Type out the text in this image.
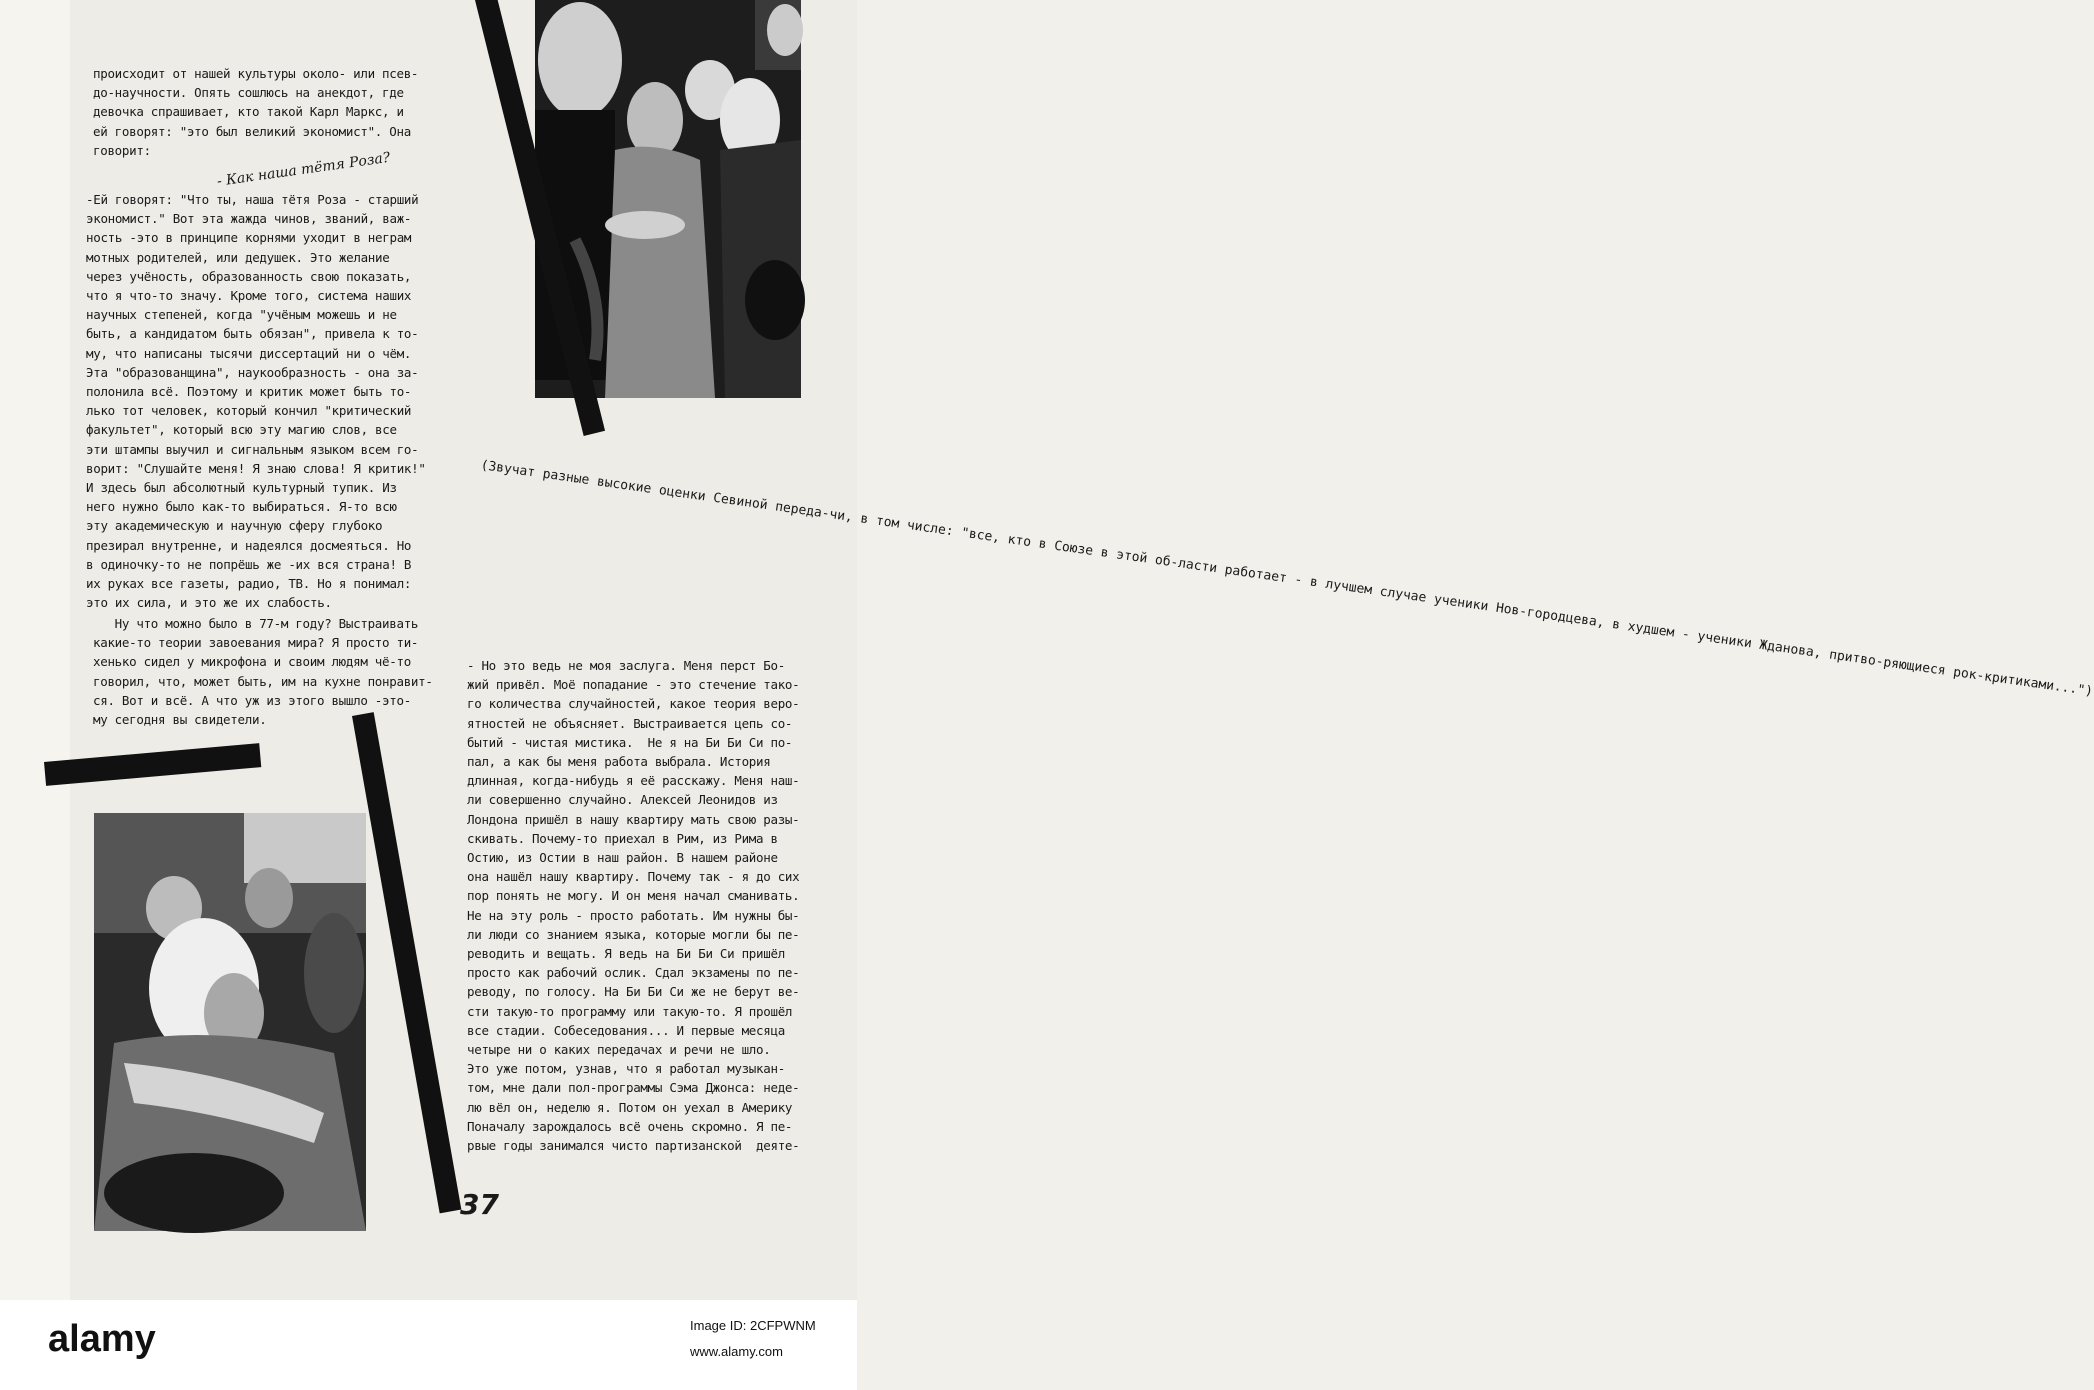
происходит от нашей культуры около- или псев-
до-научности. Опять сошлюсь на анекдот, где
девочка спрашивает, кто такой Карл Маркс, и
ей говорят: "это был великий экономист". Она
говорит:	- Как наша тётя Роза?
-Ей говорят: "Что ты, наша тётя Роза - старший
экономист." Вот эта жажда чинов, званий, важ-
ность -это в принципе корнями уходит в неграм
мотных родителей, или дедушек. Это желание
через учёность, образованность свою показать,
что я что-то значу. Кроме того, система наших
научных степеней, когда "учёным можешь и не
быть, а кандидатом быть обязан", привела к то-
му, что написаны тысячи диссертаций ни о чём.
Эта "образованщина", наукообразность - она за-
полонила всё. Поэтому и критик может быть то-
лько тот человек, который кончил "критический
факультет", который всю эту магию слов, все
эти штампы выучил и сигнальным языком всем го-
ворит: "Слушайте меня! Я знаю слова! Я критик!"
И здесь был абсолютный культурный тупик. Из
него нужно было как-то выбираться. Я-то всю
эту академическую и научную сферу глубоко
презирал внутренне, и надеялся досмеяться. Но
в одиночку-то не попрёшь же -их вся страна! В
их руках все газеты, радио, ТВ. Но я понимал:
это их сила, и это же их слабость.
Ну что можно было в 77-м году? Выстраивать
какие-то теории завоевания мира? Я просто ти-
хенько сидел у микрофона и своим людям чё-то
говорил, что, может быть, им на кухне понравит-
ся. Вот и всё. А что уж из этого вышло -это-
му сегодня вы свидетели.
(Звучат разные высокие оценки Севиной переда-чи, в том числе: "все, кто в Союзе в этой об-ласти работает - в лучшем случае ученики Нов-городцева, в худшем - ученики Жданова, притво-ряющиеся рок-критиками...")
- Но это ведь не моя заслуга. Меня перст Бо-
жий привёл. Моё попадание - это стечение тако-
го количества случайностей, какое теория веро-
ятностей не объясняет. Выстраивается цепь со-
бытий - чистая мистика.  Не я на Би Би Си по-
пал, а как бы меня работа выбрала. История
длинная, когда-нибудь я её расскажу. Меня наш-
ли совершенно случайно. Алексей Леонидов из
Лондона пришёл в нашу квартиру мать свою разы-
скивать. Почему-то приехал в Рим, из Рима в
Остию, из Остии в наш район. В нашем районе
она нашёл нашу квартиру. Почему так - я до сих
пор понять не могу. И он меня начал сманивать.
Не на эту роль - просто работать. Им нужны бы-
ли люди со знанием языка, которые могли бы пе-
реводить и вещать. Я ведь на Би Би Си пришёл
просто как рабочий ослик. Сдал экзамены по пе-
реводу, по голосу. На Би Би Си же не берут ве-
сти такую-то программу или такую-то. Я прошёл
все стадии. Собеседования... И первые месяца
четыре ни о каких передачах и речи не шло.
Это уже потом, узнав, что я работал музыкан-
том, мне дали пол-программы Сэма Джонса: неде-
лю вёл он, неделю я. Потом он уехал в Америку
Поначалу зарождалось всё очень скромно. Я пе-
рвые годы занимался чисто партизанской  деяте-
37
alamy	Image ID: 2CFPWNM
www.alamy.com
